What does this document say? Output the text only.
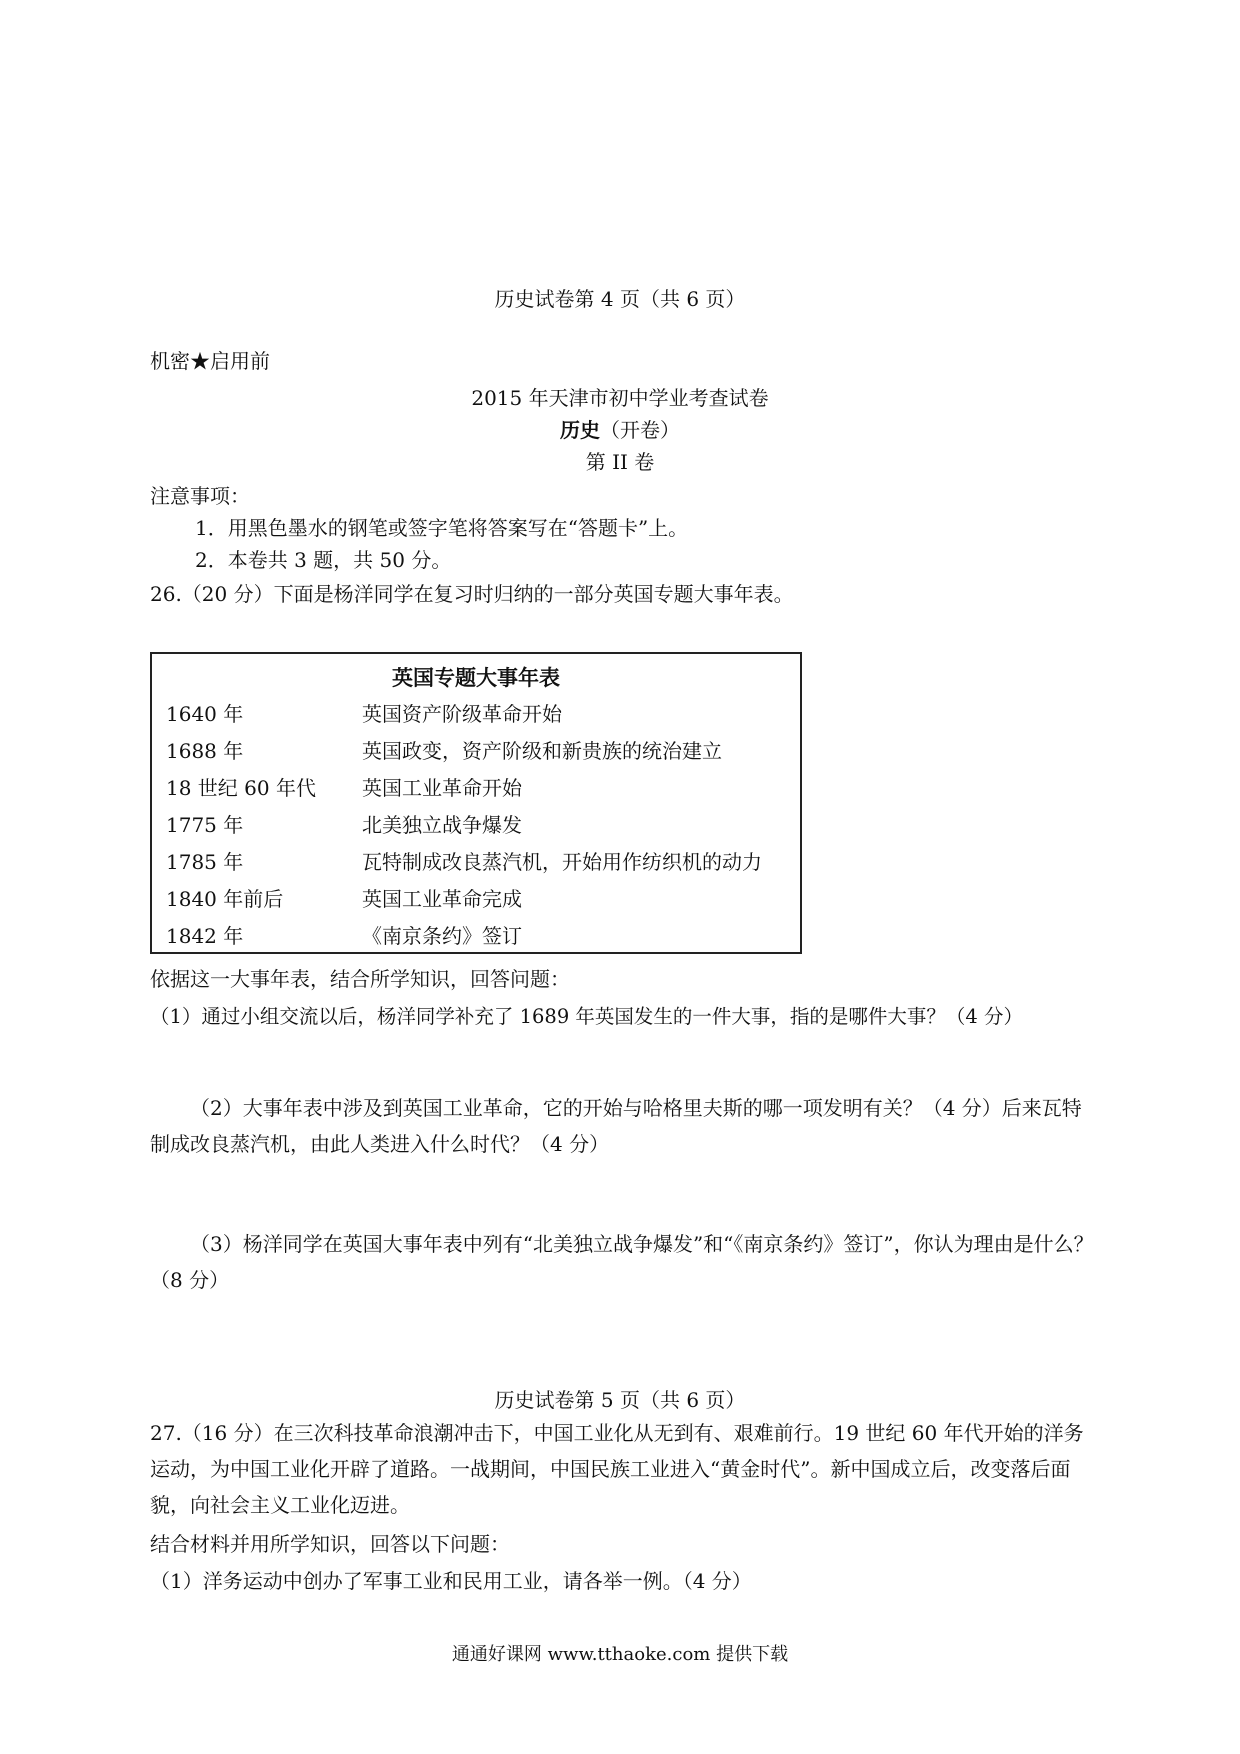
历史试卷第 4 页（共 6 页）
机密★启用前
2015 年天津市初中学业考查试卷
历史（开卷）
第 II 卷
注意事项：
1．用黑色墨水的钢笔或签字笔将答案写在“答题卡”上。
2．本卷共 3 题，共 50 分。
26.（20 分）下面是杨洋同学在复习时归纳的一部分英国专题大事年表。
英国专题大事年表
1640 年	英国资产阶级革命开始
1688 年	英国政变，资产阶级和新贵族的统治建立
18 世纪 60 年代 英国工业革命开始
1775 年	北美独立战争爆发
1785 年	瓦特制成改良蒸汽机，开始用作纺织机的动力
1840 年前后	英国工业革命完成
1842 年	《南京条约》签订
依据这一大事年表，结合所学知识，回答问题：
（1）通过小组交流以后，杨洋同学补充了 1689 年英国发生的一件大事，指的是哪件大事？（4 分）
（2）大事年表中涉及到英国工业革命，它的开始与哈格里夫斯的哪一项发明有关？（4 分）后来瓦特制成改良蒸汽机，由此人类进入什么时代？（4 分）
（3）杨洋同学在英国大事年表中列有“北美独立战争爆发”和“《南京条约》签订”，你认为理由是什么？（8 分）
历史试卷第 5 页（共 6 页）
27.（16 分）在三次科技革命浪潮冲击下，中国工业化从无到有、艰难前行。19 世纪 60 年代开始的洋务运动，为中国工业化开辟了道路。一战期间，中国民族工业进入“黄金时代”。新中国成立后，改变落后面貌，向社会主义工业化迈进。
结合材料并用所学知识，回答以下问题：
（1）洋务运动中创办了军事工业和民用工业，请各举一例。（4 分）
通通好课网 www.tthaoke.com 提供下载
